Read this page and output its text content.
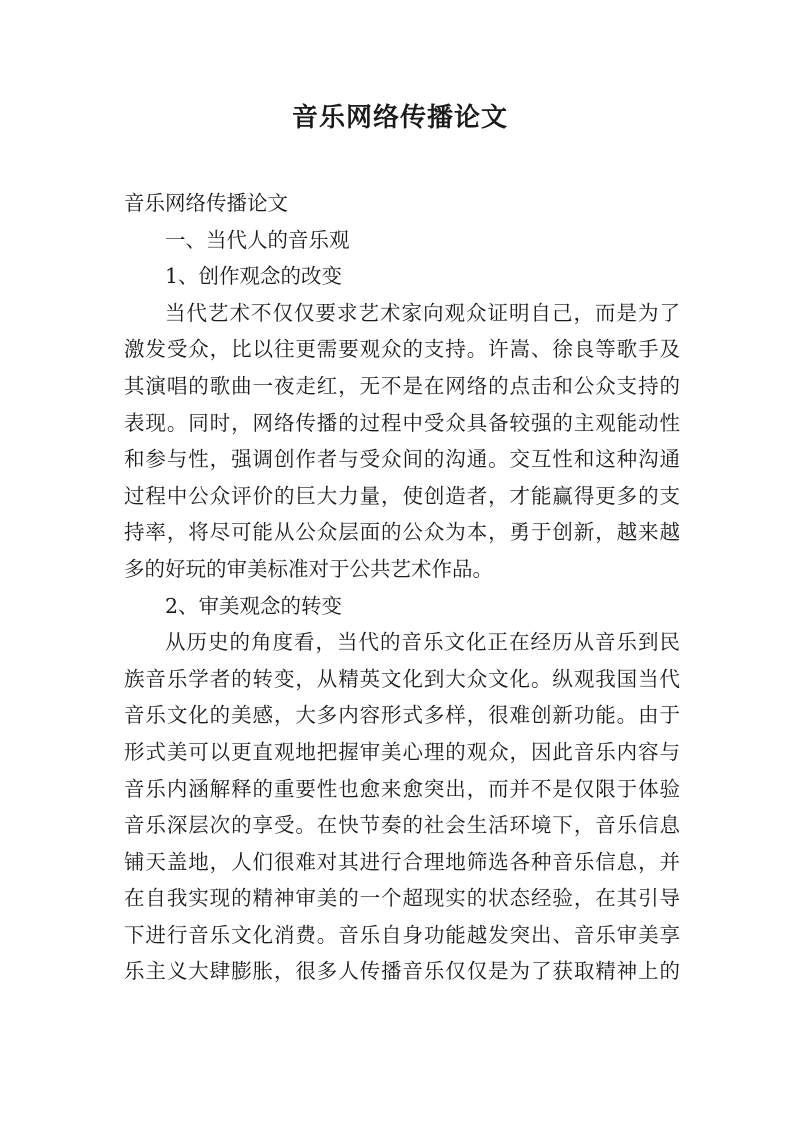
音乐网络传播论文
音乐网络传播论文
一、当代人的音乐观
1、创作观念的改变
当代艺术不仅仅要求艺术家向观众证明自己，而是为了
激发受众，比以往更需要观众的支持。许嵩、徐良等歌手及
其演唱的歌曲一夜走红，无不是在网络的点击和公众支持的
表现。同时，网络传播的过程中受众具备较强的主观能动性
和参与性，强调创作者与受众间的沟通。交互性和这种沟通
过程中公众评价的巨大力量，使创造者，才能赢得更多的支
持率，将尽可能从公众层面的公众为本，勇于创新，越来越
多的好玩的审美标准对于公共艺术作品。
2、审美观念的转变
从历史的角度看，当代的音乐文化正在经历从音乐到民
族音乐学者的转变，从精英文化到大众文化。纵观我国当代
音乐文化的美感，大多内容形式多样，很难创新功能。由于
形式美可以更直观地把握审美心理的观众，因此音乐内容与
音乐内涵解释的重要性也愈来愈突出，而并不是仅限于体验
音乐深层次的享受。在快节奏的社会生活环境下，音乐信息
铺天盖地，人们很难对其进行合理地筛选各种音乐信息，并
在自我实现的精神审美的一个超现实的状态经验，在其引导
下进行音乐文化消费。音乐自身功能越发突出、音乐审美享
乐主义大肆膨胀，很多人传播音乐仅仅是为了获取精神上的
